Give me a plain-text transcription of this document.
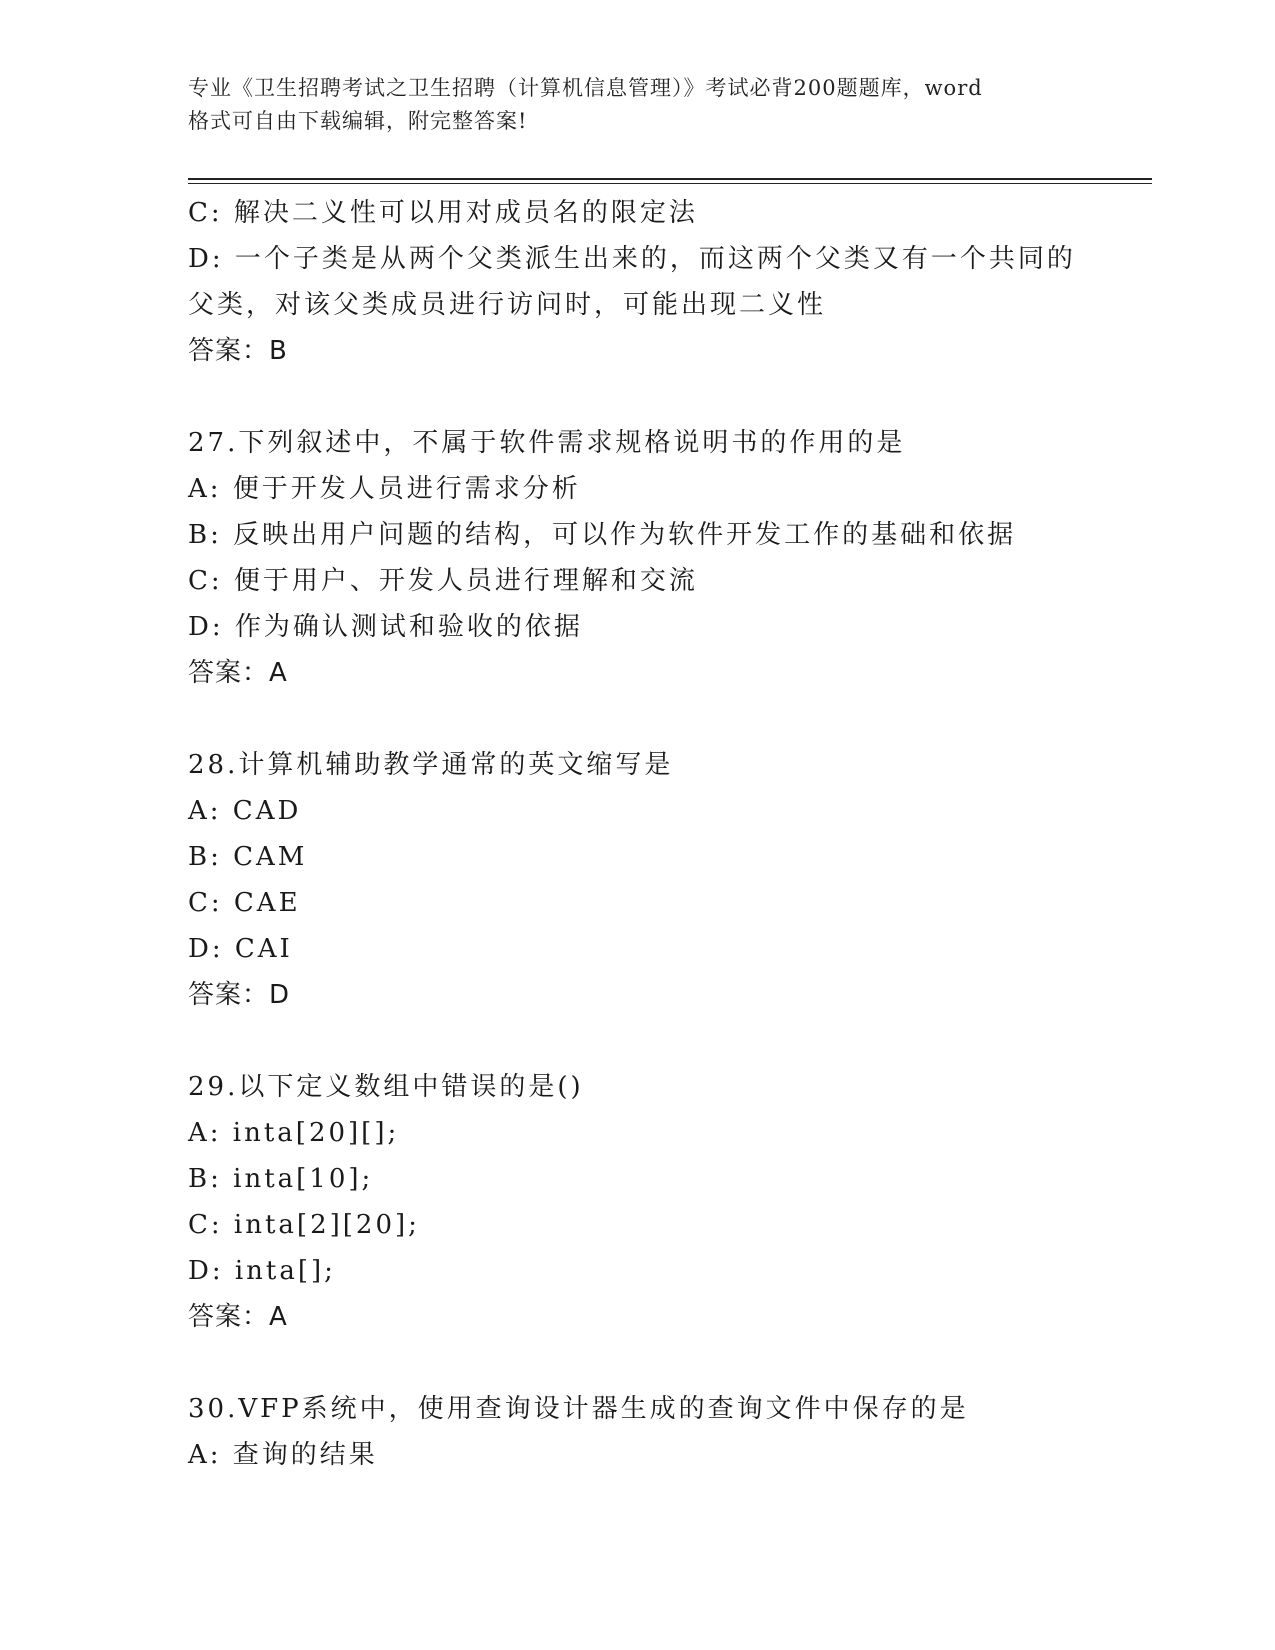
专业《卫生招聘考试之卫生招聘（计算机信息管理）》考试必背200题题库，word
格式可自由下载编辑，附完整答案!
C: 解决二义性可以用对成员名的限定法
D: 一个子类是从两个父类派生出来的，而这两个父类又有一个共同的
父类，对该父类成员进行访问时，可能出现二义性
答案：B
27.下列叙述中，不属于软件需求规格说明书的作用的是
A: 便于开发人员进行需求分析
B: 反映出用户问题的结构，可以作为软件开发工作的基础和依据
C: 便于用户、开发人员进行理解和交流
D: 作为确认测试和验收的依据
答案：A
28.计算机辅助教学通常的英文缩写是
A: CAD
B: CAM
C: CAE
D: CAI
答案：D
29.以下定义数组中错误的是()
A: inta[20][];
B: inta[10];
C: inta[2][20];
D: inta[];
答案：A
30.VFP系统中，使用查询设计器生成的查询文件中保存的是
A: 查询的结果
